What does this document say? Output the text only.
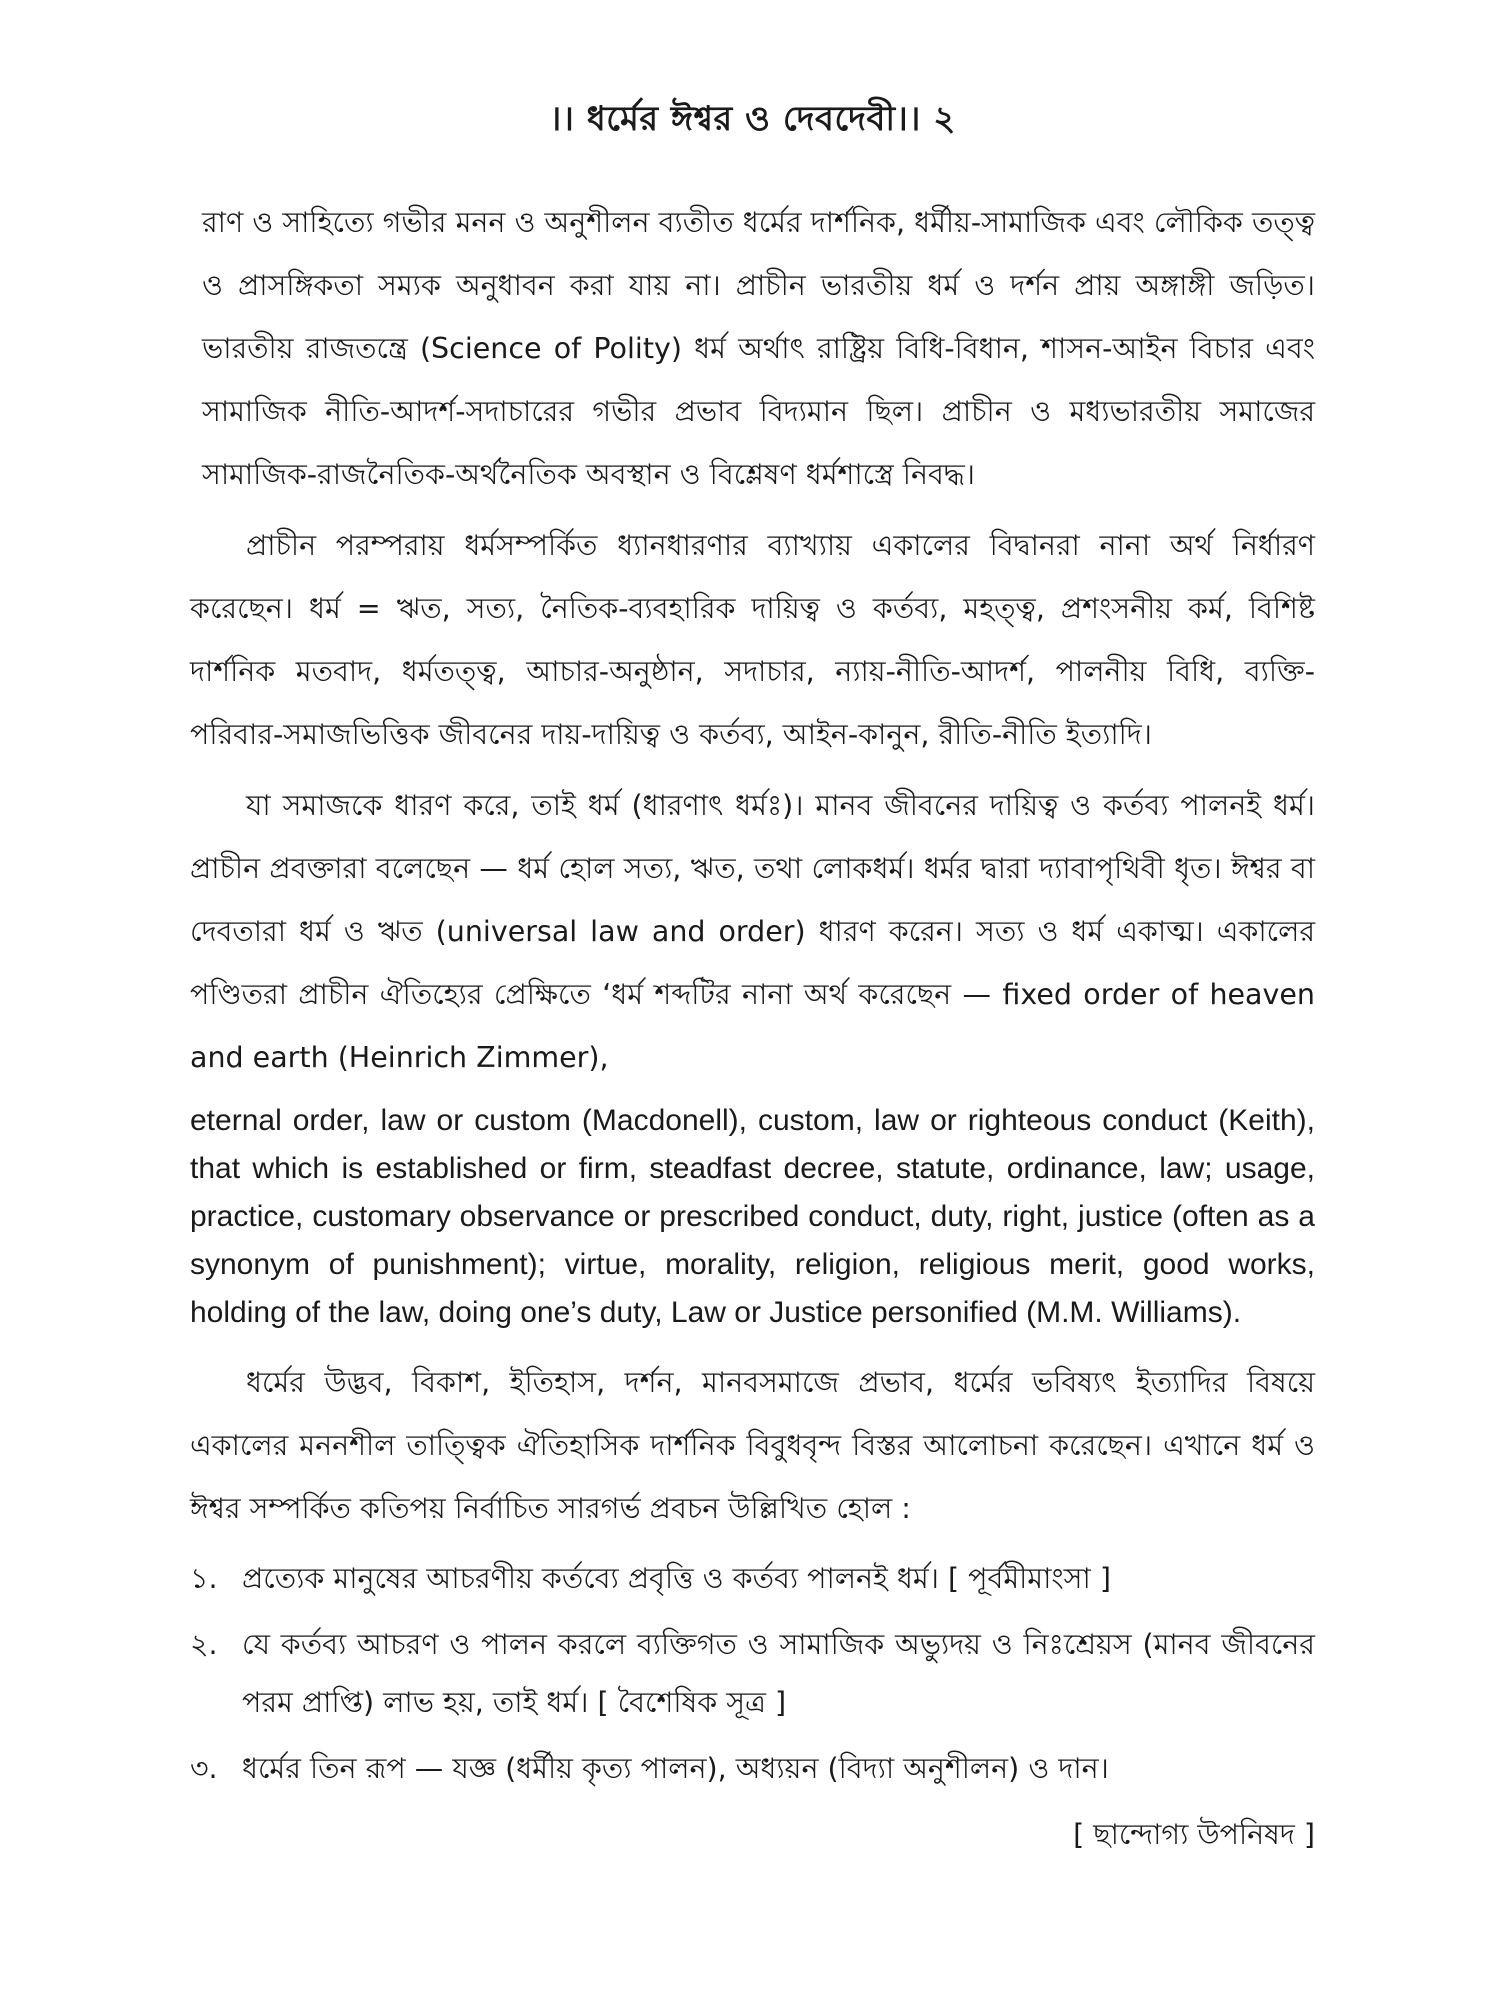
।। ধর্মের ঈশ্বর ও দেবদেবী।। ২

রাণ ও সাহিত্যে গভীর মনন ও অনুশীলন ব্যতীত ধর্মের দার্শনিক, ধর্মীয়-সামাজিক এবং লৌকিক তত্ত্ব ও প্রাসঙ্গিকতা সম্যক অনুধাবন করা যায় না। প্রাচীন ভারতীয় ধর্ম ও দর্শন প্রায় অঙ্গাঙ্গী জড়িত। ভারতীয় রাজতন্ত্রে (Science of Polity) ধর্ম অর্থাৎ রাষ্ট্রিয় বিধি-বিধান, শাসন-আইন বিচার এবং সামাজিক নীতি-আদর্শ-সদাচারের গভীর প্রভাব বিদ্যমান ছিল। প্রাচীন ও মধ্যভারতীয় সমাজের সামাজিক-রাজনৈতিক-অর্থনৈতিক অবস্থান ও বিশ্লেষণ ধর্মশাস্ত্রে নিবদ্ধ।

প্রাচীন পরম্পরায় ধর্মসম্পর্কিত ধ্যানধারণার ব্যাখ্যায় একালের বিদ্বানরা নানা অর্থ নির্ধারণ করেছেন। ধর্ম = ঋত, সত্য, নৈতিক-ব্যবহারিক দায়িত্ব ও কর্তব্য, মহত্ত্ব, প্রশংসনীয় কর্ম, বিশিষ্ট দার্শনিক মতবাদ, ধর্মতত্ত্ব, আচার-অনুষ্ঠান, সদাচার, ন্যায়-নীতি-আদর্শ, পালনীয় বিধি, ব্যক্তি-পরিবার-সমাজভিত্তিক জীবনের দায়-দায়িত্ব ও কর্তব্য, আইন-কানুন, রীতি-নীতি ইত্যাদি।

যা সমাজকে ধারণ করে, তাই ধর্ম (ধারণাৎ ধর্মঃ)। মানব জীবনের দায়িত্ব ও কর্তব্য পালনই ধর্ম। প্রাচীন প্রবক্তারা বলেছেন — ধর্ম হোল সত্য, ঋত, তথা লোকধর্ম। ধর্মর দ্বারা দ্যাবাপৃথিবী ধৃত। ঈশ্বর বা দেবতারা ধর্ম ও ঋত (universal law and order) ধারণ করেন। সত্য ও ধর্ম একাত্ম। একালের পণ্ডিতরা প্রাচীন ঐতিহ্যের প্রেক্ষিতে ‘ধর্ম শব্দটির নানা অর্থ করেছেন — fixed order of heaven and earth (Heinrich Zimmer),

eternal order, law or custom (Macdonell), custom, law or righteous conduct (Keith), that which is established or firm, steadfast decree, statute, ordinance, law; usage, practice, customary observance or prescribed conduct, duty, right, justice (often as a synonym of punishment); virtue, morality, religion, religious merit, good works, holding of the law, doing one’s duty, Law or Justice personified (M.M. Williams).

ধর্মের উদ্ভব, বিকাশ, ইতিহাস, দর্শন, মানবসমাজে প্রভাব, ধর্মের ভবিষ্যৎ ইত্যাদির বিষয়ে একালের মননশীল তাত্ত্বিক ঐতিহাসিক দার্শনিক বিবুধবৃন্দ বিস্তর আলোচনা করেছেন। এখানে ধর্ম ও ঈশ্বর সম্পর্কিত কতিপয় নির্বাচিত সারগর্ভ প্রবচন উল্লিখিত হোল :

১. প্রত্যেক মানুষের আচরণীয় কর্তব্যে প্রবৃত্তি ও কর্তব্য পালনই ধর্ম। [ পূর্বমীমাংসা ]
২. যে কর্তব্য আচরণ ও পালন করলে ব্যক্তিগত ও সামাজিক অভ্যুদয় ও নিঃশ্রেয়স (মানব জীবনের পরম প্রাপ্তি) লাভ হয়, তাই ধর্ম। [ বৈশেষিক সূত্র ]
৩. ধর্মের তিন রূপ — যজ্ঞ (ধর্মীয় কৃত্য পালন), অধ্যয়ন (বিদ্যা অনুশীলন) ও দান।
[ ছান্দোগ্য উপনিষদ ]
